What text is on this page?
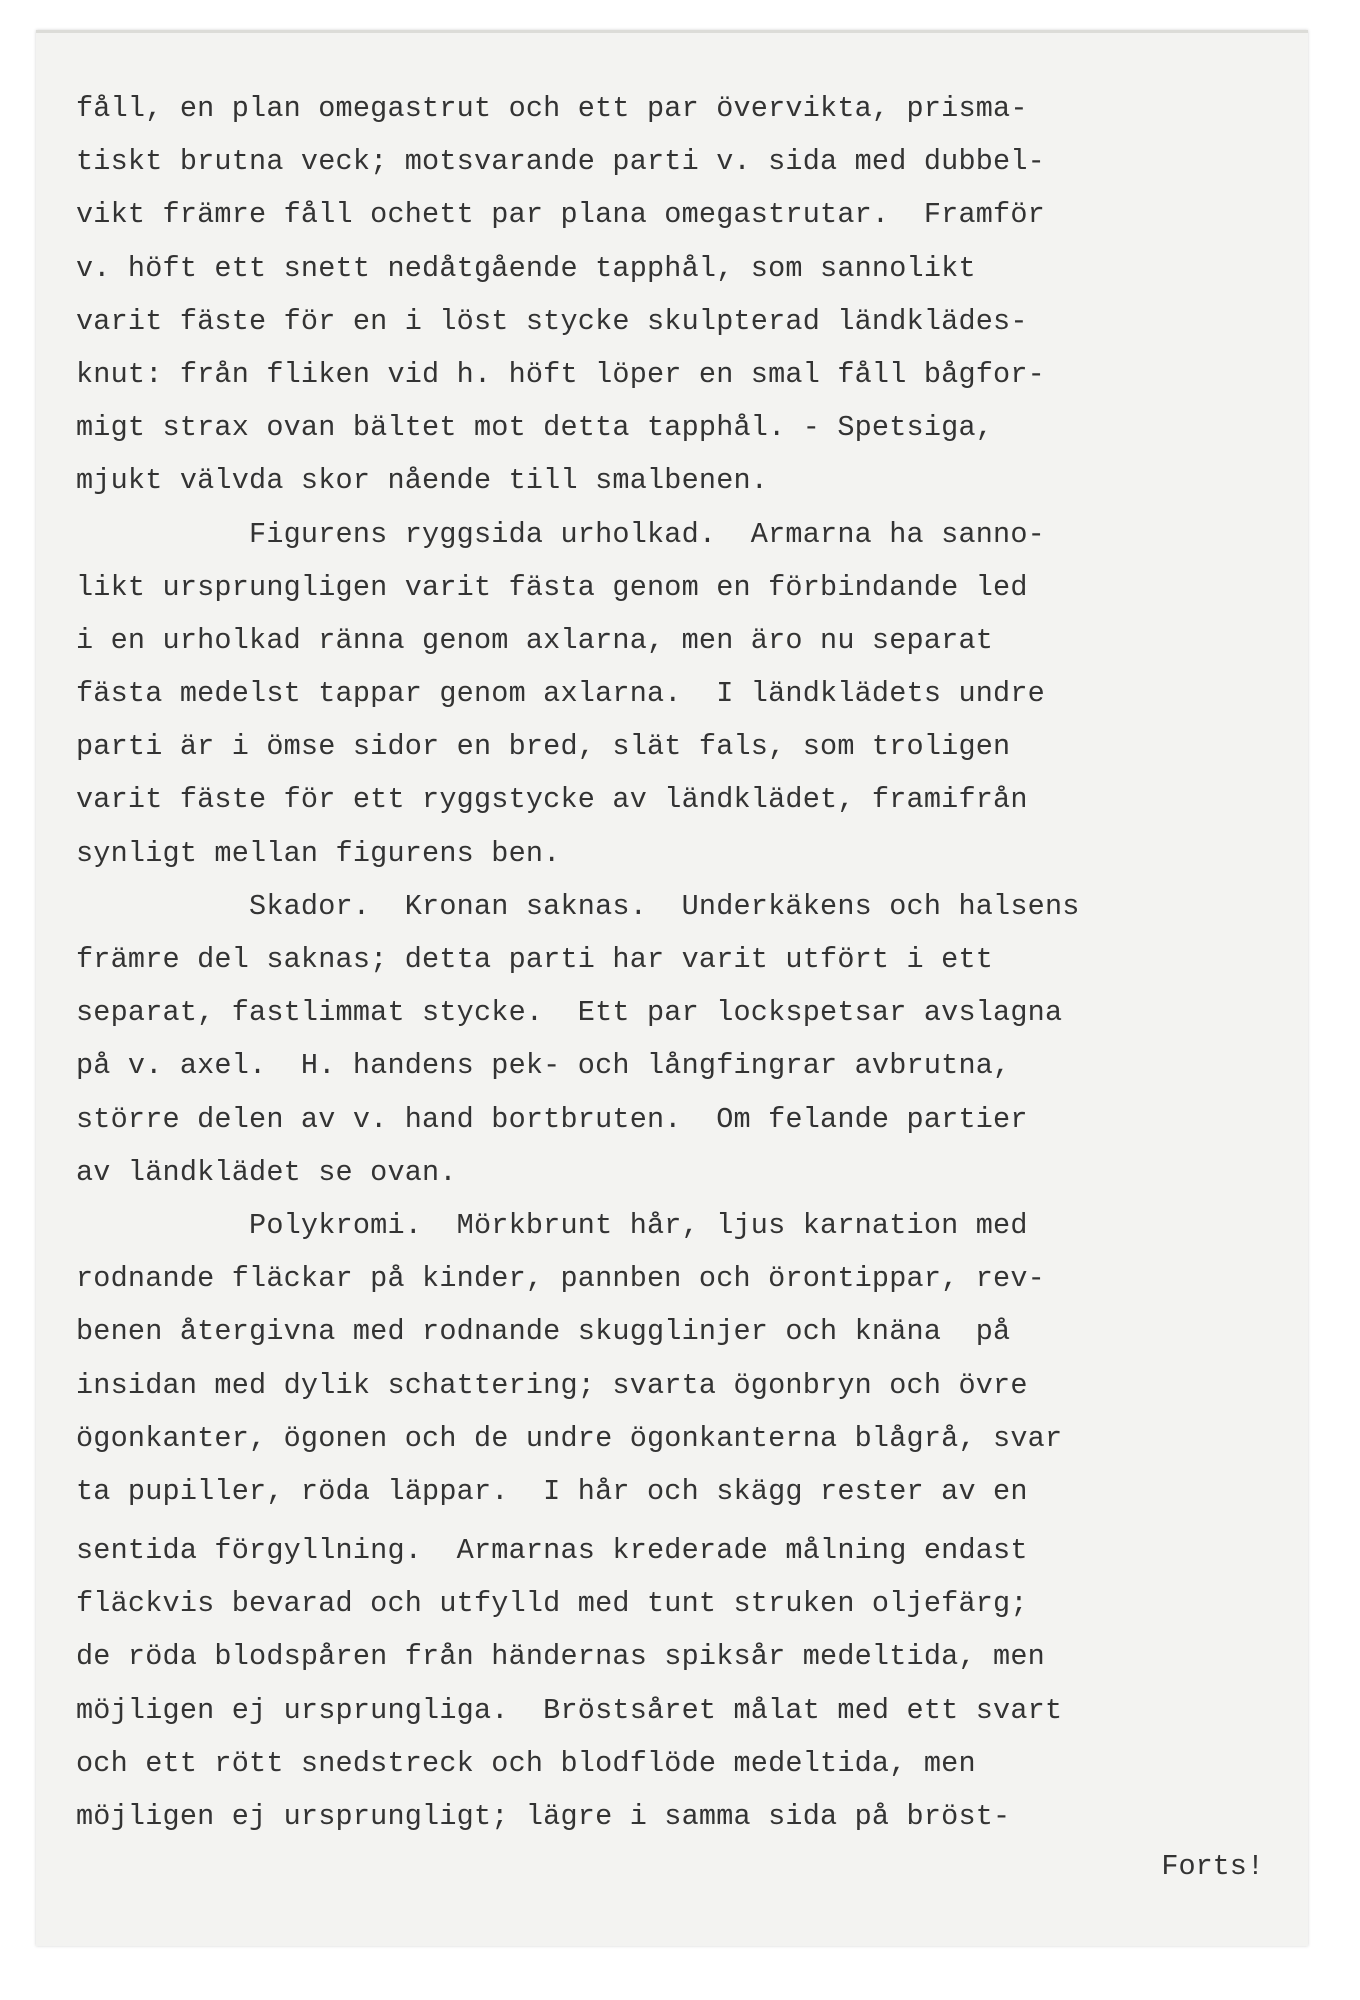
fåll, en plan omegastrut och ett par övervikta, prisma-
tiskt brutna veck; motsvarande parti v. sida med dubbel-
vikt främre fåll ochett par plana omegastrutar.  Framför
v. höft ett snett nedåtgående tapphål, som sannolikt
varit fäste för en i löst stycke skulpterad ländklädes-
knut: från fliken vid h. höft löper en smal fåll bågfor-
migt strax ovan bältet mot detta tapphål. - Spetsiga,
mjukt välvda skor nående till smalbenen.
Figurens ryggsida urholkad.  Armarna ha sanno-
likt ursprungligen varit fästa genom en förbindande led
i en urholkad ränna genom axlarna, men äro nu separat
fästa medelst tappar genom axlarna.  I ländklädets undre
parti är i ömse sidor en bred, slät fals, som troligen
varit fäste för ett ryggstycke av ländklädet, framifrån
synligt mellan figurens ben.
Skador.  Kronan saknas.  Underkäkens och halsens
främre del saknas; detta parti har varit utfört i ett
separat, fastlimmat stycke.  Ett par lockspetsar avslagna
på v. axel.  H. handens pek- och långfingrar avbrutna,
större delen av v. hand bortbruten.  Om felande partier
av ländklädet se ovan.
Polykromi.  Mörkbrunt hår, ljus karnation med
rodnande fläckar på kinder, pannben och örontippar, rev-
benen återgivna med rodnande skugglinjer och knäna  på
insidan med dylik schattering; svarta ögonbryn och övre
ögonkanter, ögonen och de undre ögonkanterna blågrå, svar
ta pupiller, röda läppar.  I hår och skägg rester av en
sentida förgyllning.  Armarnas krederade målning endast
fläckvis bevarad och utfylld med tunt struken oljefärg;
de röda blodspåren från händernas spiksår medeltida, men
möjligen ej ursprungliga.  Bröstsåret målat med ett svart
och ett rött snedstreck och blodflöde medeltida, men
möjligen ej ursprungligt; lägre i samma sida på bröst-
Forts!
